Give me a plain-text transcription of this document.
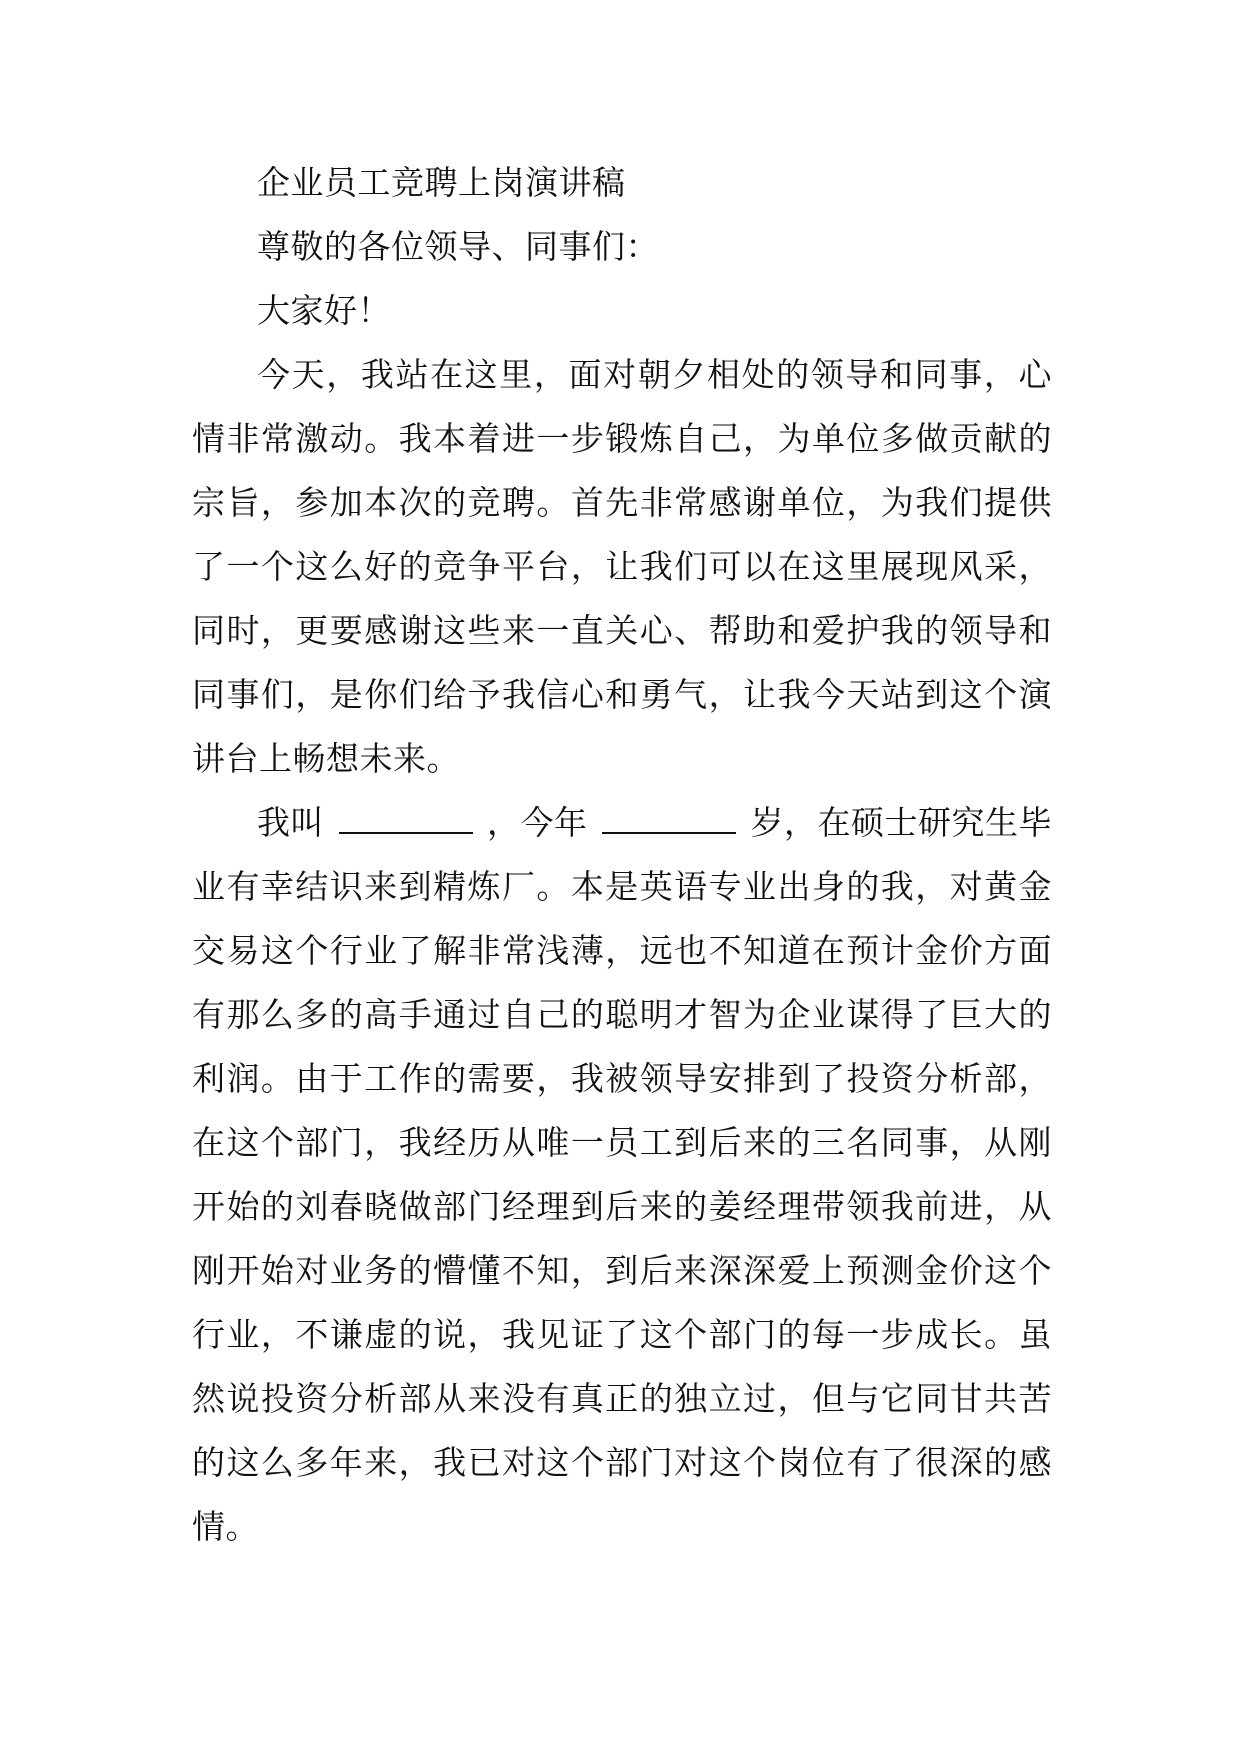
企业员工竞聘上岗演讲稿
尊敬的各位领导、同事们：
大家好！
今天，我站在这里，面对朝夕相处的领导和同事，心
情非常激动。我本着进一步锻炼自己，为单位多做贡献的
宗旨，参加本次的竞聘。首先非常感谢单位，为我们提供
了一个这么好的竞争平台，让我们可以在这里展现风采，
同时，更要感谢这些来一直关心、帮助和爱护我的领导和
同事们，是你们给予我信心和勇气，让我今天站到这个演
讲台上畅想未来。
我叫	，今年	岁，在硕士研究生毕
业有幸结识来到精炼厂。本是英语专业出身的我，对黄金
交易这个行业了解非常浅薄，远也不知道在预计金价方面
有那么多的高手通过自己的聪明才智为企业谋得了巨大的
利润。由于工作的需要，我被领导安排到了投资分析部，
在这个部门，我经历从唯一员工到后来的三名同事，从刚
开始的刘春晓做部门经理到后来的姜经理带领我前进，从
刚开始对业务的懵懂不知，到后来深深爱上预测金价这个
行业，不谦虚的说，我见证了这个部门的每一步成长。虽
然说投资分析部从来没有真正的独立过，但与它同甘共苦
的这么多年来，我已对这个部门对这个岗位有了很深的感
情。
